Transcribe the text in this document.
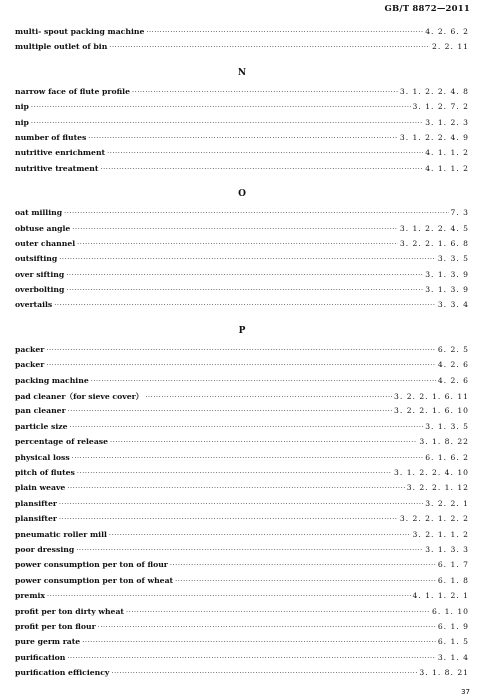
GB/T 8872—2011
multi- spout packing machine ·····	4. 2. 6. 2
multiple outlet of bin ·····	2. 2. 11
N
narrow face of flute profile ·····	3. 1. 2. 2. 4. 8
nip ·····	3. 1. 2. 7. 2
nip ·····	3. 1. 2. 3
number of flutes ·····	3. 1. 2. 2. 4. 9
nutritive enrichment ·····	4. 1. 1. 2
nutritive treatment ·····	4. 1. 1. 2
O
oat milling ·····	7. 3
obtuse angle ·····	3. 1. 2. 2. 4. 5
outer channel ·····	3. 2. 2. 1. 6. 8
outsifting ·····	3. 3. 5
over sifting ·····	3. 1. 3. 9
overbolting ·····	3. 1. 3. 9
overtails ·····	3. 3. 4
P
packer ·····	6. 2. 5
packer ·····	4. 2. 6
packing machine ·····	4. 2. 6
pad cleaner（for sieve cover） ·····	3. 2. 2. 1. 6. 11
pan cleaner ·····	3. 2. 2. 1. 6. 10
particle size ·····	3. 1. 3. 5
percentage of release ·····	3. 1. 8. 22
physical loss ·····	6. 1. 6. 2
pitch of flutes ·····	3. 1. 2. 2. 4. 10
plain weave ·····	3. 2. 2. 1. 12
plansifter ·····	3. 2. 2. 1
plansifter ·····	3. 2. 2. 1. 2. 2
pneumatic roller mill ·····	3. 2. 1. 1. 2
poor dressing ·····	3. 1. 3. 3
power consumption per ton of flour ·····	6. 1. 7
power consumption per ton of wheat ·····	6. 1. 8
premix ·····	4. 1. 1. 2. 1
profit per ton dirty wheat ·····	6. 1. 10
profit per ton flour ·····	6. 1. 9
pure germ rate ·····	6. 1. 5
purification ·····	3. 1. 4
purification efficiency ·····	3. 1. 8. 21
37
